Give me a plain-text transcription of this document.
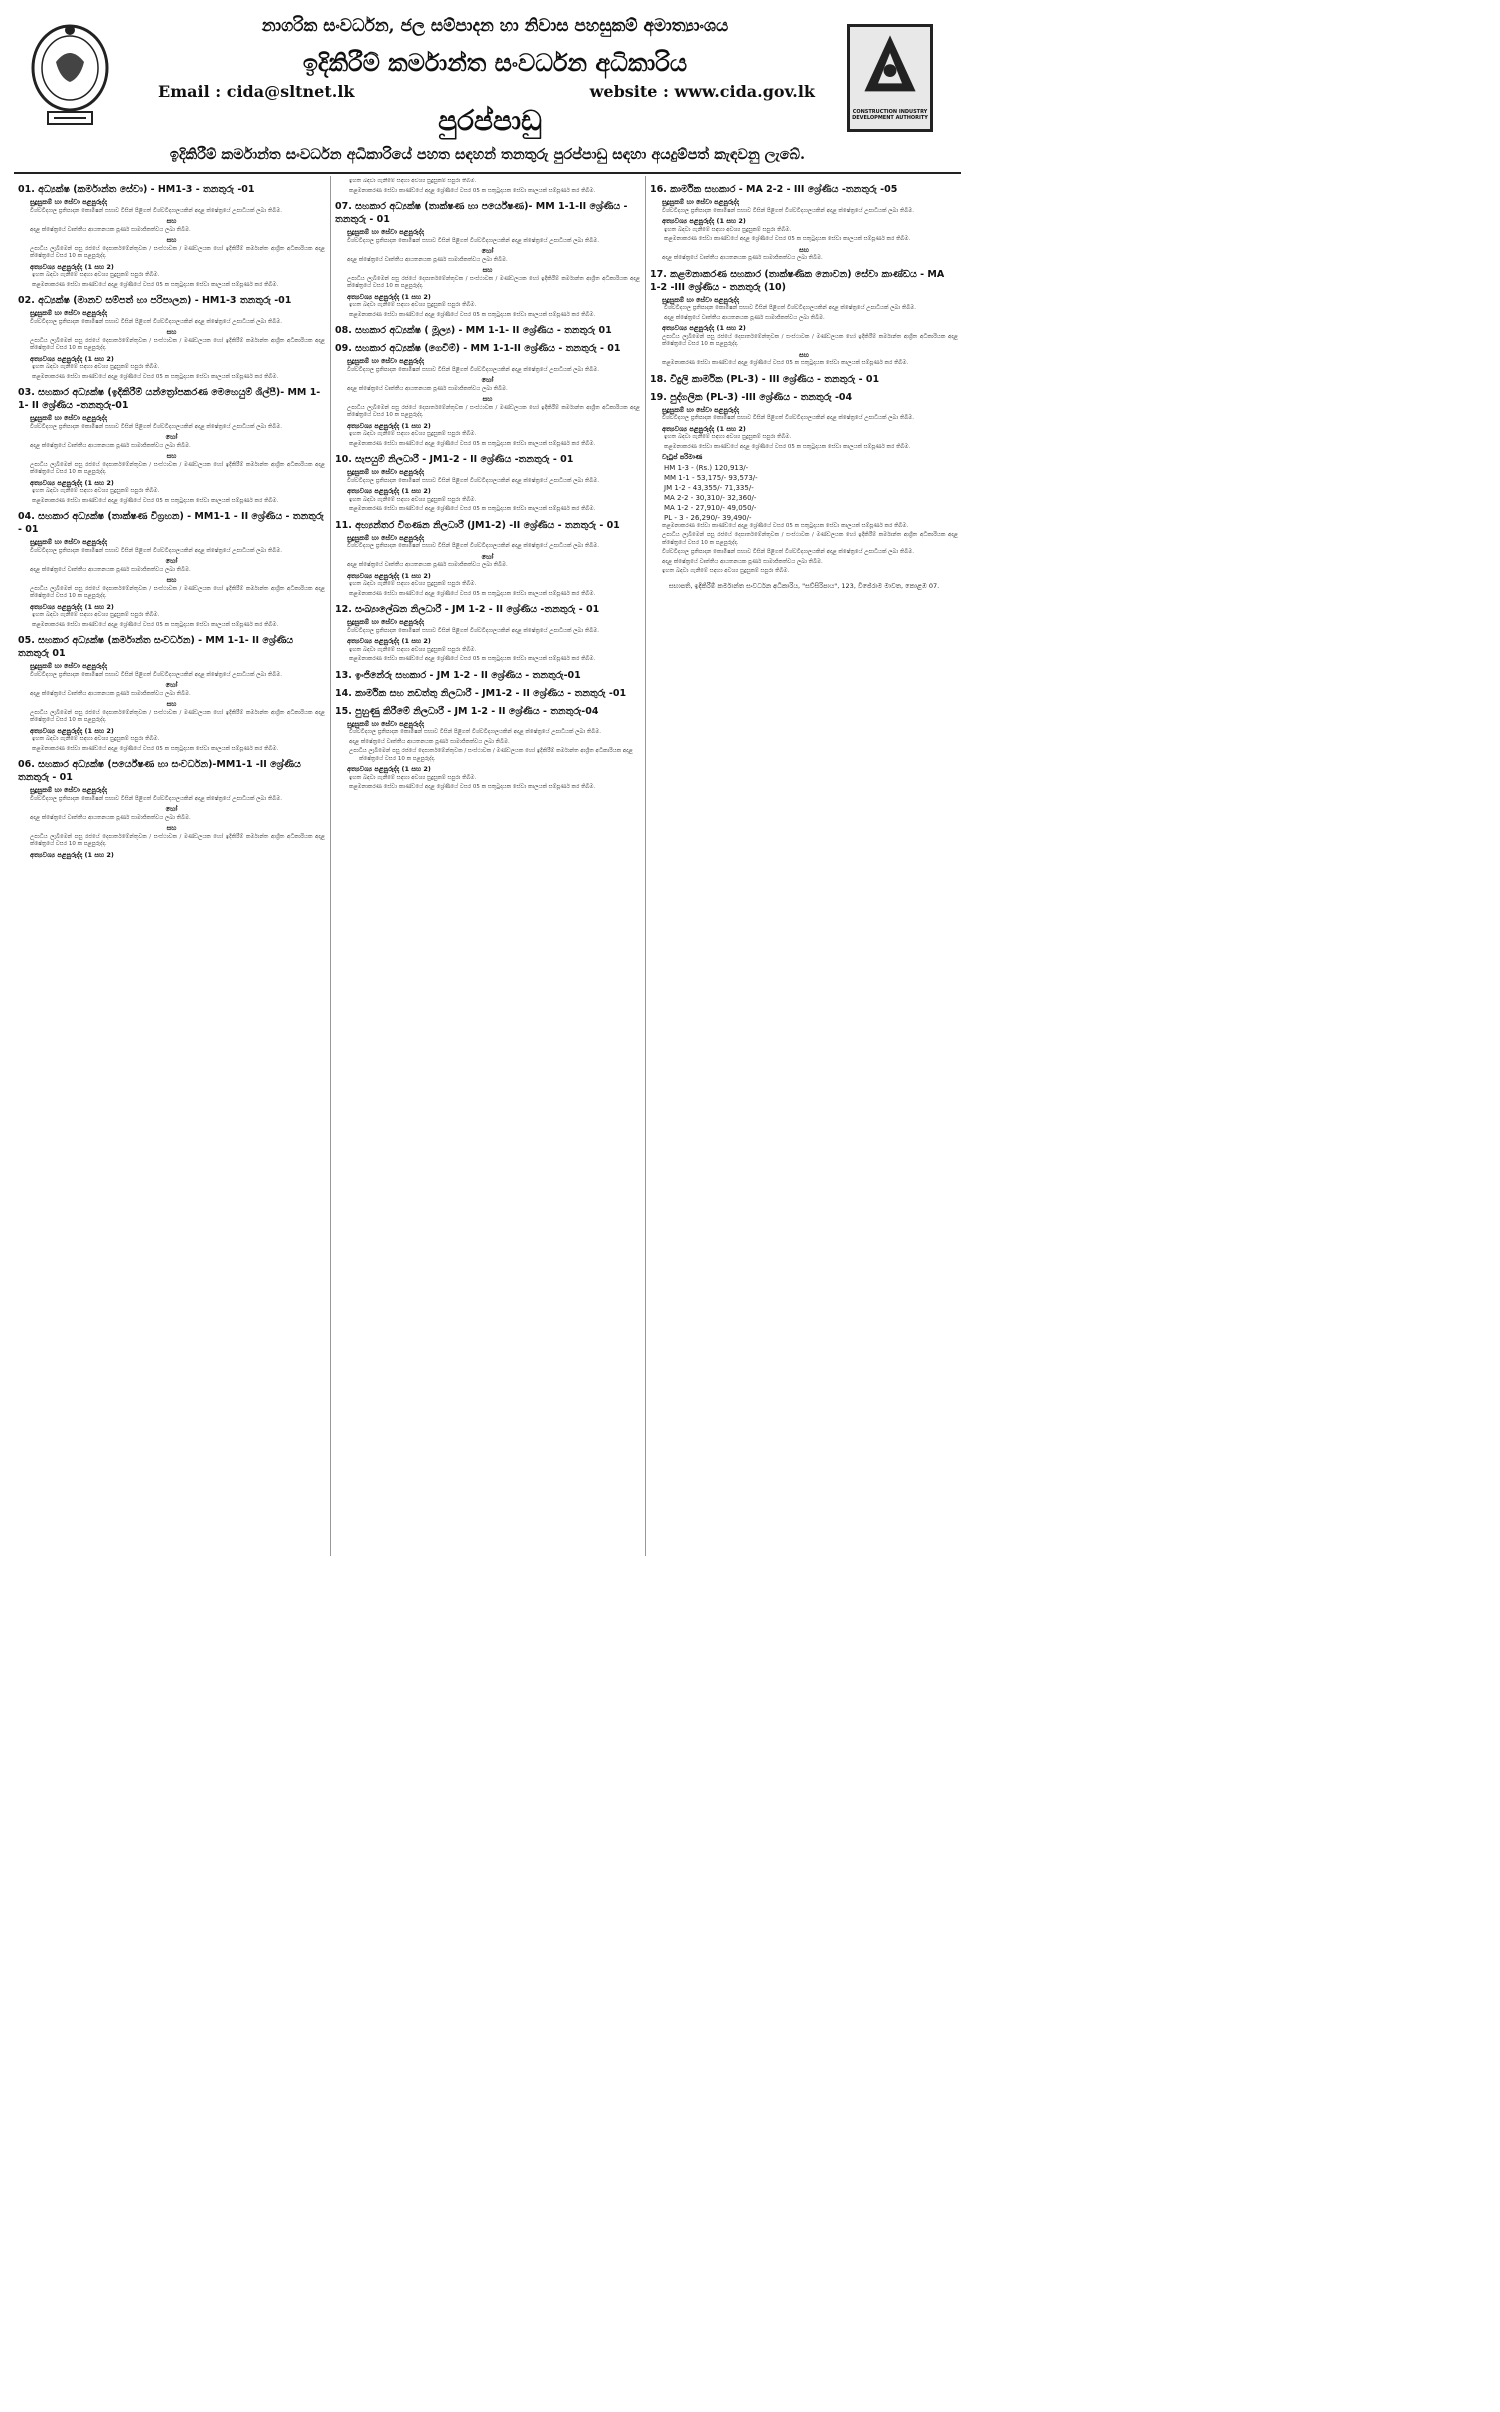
නාගරික සංවර්ධන, ජල සම්පාදන හා නිවාස පහසුකම් අමාත්‍යාංශය
ඉදිකිරීම් කර්මාන්ත සංවර්ධන අධිකාරිය
Email : cida@sltnet.lk	website : www.cida.gov.lk
පුරප්පාඩු
ඉදිකිරීම් කර්මාන්ත සංවර්ධන අධිකාරියේ පහත සඳහන් තනතුරු පුරප්පාඩු සඳහා අයදුම්පත් කැඳවනු ලැබේ.
CONSTRUCTION INDUSTRY DEVELOPMENT AUTHORITY
01. අධ්‍යක්ෂ (කර්මාන්ත සේවා) - HM1-3 - තනතුරු -01
සුදුසුකම් හා සේවා පළපුරුද්ද
විශ්වවිද්‍යාල ප්‍රතිපාදන කොමිෂන් සභාව විසින් පිළිගත් විශ්වවිද්‍යාලයකින් අදාළ ක්ෂේත්‍රයේ උපාධියක් ලබා තිබීම.
සහ
අදාළ ක්ෂේත්‍රයේ වෘත්තීය ආයතනයක පූර්ණ සාමාජිකත්වය ලබා තිබීම.
සහ
උපාධිය ලැබීමෙන් පසු රජයේ දෙපාර්තමේන්තුවක / සංස්ථාවක / මණ්ඩලයක හෝ ඉදිකිරීම් කර්මාන්ත ආශ්‍රිත අධිකාරියක අදාළ ක්ෂේත්‍රයේ වසර 10 ක පළපුරුද්ද.
අත්‍යවශ්‍ය පළපුරුද්ද (1 සහ 2)
ඉහත බඳවා ගැනීමේ සඳහා අවශ්‍ය සුදුසුකම් සපුරා තිබීම.
කළමනාකරණ සේවා කාණ්ඩයේ අදාළ ශ්‍රේණියේ වසර 05 ක සතුටුදායක සේවා කාලයක් සම්පූර්ණ කර තිබීම.
02. අධ්‍යක්ෂ (මානව සම්පත් හා පරිපාලන) - HM1-3 තනතුරු -01
සුදුසුකම් හා සේවා පළපුරුද්ද
විශ්වවිද්‍යාල ප්‍රතිපාදන කොමිෂන් සභාව විසින් පිළිගත් විශ්වවිද්‍යාලයකින් අදාළ ක්ෂේත්‍රයේ උපාධියක් ලබා තිබීම.
සහ
උපාධිය ලැබීමෙන් පසු රජයේ දෙපාර්තමේන්තුවක / සංස්ථාවක / මණ්ඩලයක හෝ ඉදිකිරීම් කර්මාන්ත ආශ්‍රිත අධිකාරියක අදාළ ක්ෂේත්‍රයේ වසර 10 ක පළපුරුද්ද.
අත්‍යවශ්‍ය පළපුරුද්ද (1 සහ 2)
ඉහත බඳවා ගැනීමේ සඳහා අවශ්‍ය සුදුසුකම් සපුරා තිබීම.
කළමනාකරණ සේවා කාණ්ඩයේ අදාළ ශ්‍රේණියේ වසර 05 ක සතුටුදායක සේවා කාලයක් සම්පූර්ණ කර තිබීම.
03. සහකාර අධ්‍යක්ෂ (ඉදිකිරීම් යන්ත්‍රෝපකරණ මෙහෙයුම් ශිල්පී)- MM 1-1- II ශ්‍රේණිය -තනතුරු-01
සුදුසුකම් හා සේවා පළපුරුද්ද
විශ්වවිද්‍යාල ප්‍රතිපාදන කොමිෂන් සභාව විසින් පිළිගත් විශ්වවිද්‍යාලයකින් අදාළ ක්ෂේත්‍රයේ උපාධියක් ලබා තිබීම.
හෝ
අදාළ ක්ෂේත්‍රයේ වෘත්තීය ආයතනයක පූර්ණ සාමාජිකත්වය ලබා තිබීම.
සහ
උපාධිය ලැබීමෙන් පසු රජයේ දෙපාර්තමේන්තුවක / සංස්ථාවක / මණ්ඩලයක හෝ ඉදිකිරීම් කර්මාන්ත ආශ්‍රිත අධිකාරියක අදාළ ක්ෂේත්‍රයේ වසර 10 ක පළපුරුද්ද.
අත්‍යවශ්‍ය පළපුරුද්ද (1 සහ 2)
ඉහත බඳවා ගැනීමේ සඳහා අවශ්‍ය සුදුසුකම් සපුරා තිබීම.
කළමනාකරණ සේවා කාණ්ඩයේ අදාළ ශ්‍රේණියේ වසර 05 ක සතුටුදායක සේවා කාලයක් සම්පූර්ණ කර තිබීම.
04. සහකාර අධ්‍යක්ෂ (තාක්ෂණ විග්‍රහන) - MM1-1 - II ශ්‍රේණිය - තනතුරු - 01
සුදුසුකම් හා සේවා පළපුරුද්ද
විශ්වවිද්‍යාල ප්‍රතිපාදන කොමිෂන් සභාව විසින් පිළිගත් විශ්වවිද්‍යාලයකින් අදාළ ක්ෂේත්‍රයේ උපාධියක් ලබා තිබීම.
හෝ
අදාළ ක්ෂේත්‍රයේ වෘත්තීය ආයතනයක පූර්ණ සාමාජිකත්වය ලබා තිබීම.
සහ
උපාධිය ලැබීමෙන් පසු රජයේ දෙපාර්තමේන්තුවක / සංස්ථාවක / මණ්ඩලයක හෝ ඉදිකිරීම් කර්මාන්ත ආශ්‍රිත අධිකාරියක අදාළ ක්ෂේත්‍රයේ වසර 10 ක පළපුරුද්ද.
අත්‍යවශ්‍ය පළපුරුද්ද (1 සහ 2)
ඉහත බඳවා ගැනීමේ සඳහා අවශ්‍ය සුදුසුකම් සපුරා තිබීම.
කළමනාකරණ සේවා කාණ්ඩයේ අදාළ ශ්‍රේණියේ වසර 05 ක සතුටුදායක සේවා කාලයක් සම්පූර්ණ කර තිබීම.
05. සහකාර අධ්‍යක්ෂ (කර්මාන්ත සංවර්ධන) - MM 1-1- II ශ්‍රේණිය තනතුරු 01
සුදුසුකම් හා සේවා පළපුරුද්ද
විශ්වවිද්‍යාල ප්‍රතිපාදන කොමිෂන් සභාව විසින් පිළිගත් විශ්වවිද්‍යාලයකින් අදාළ ක්ෂේත්‍රයේ උපාධියක් ලබා තිබීම.
හෝ
අදාළ ක්ෂේත්‍රයේ වෘත්තීය ආයතනයක පූර්ණ සාමාජිකත්වය ලබා තිබීම.
සහ
උපාධිය ලැබීමෙන් පසු රජයේ දෙපාර්තමේන්තුවක / සංස්ථාවක / මණ්ඩලයක හෝ ඉදිකිරීම් කර්මාන්ත ආශ්‍රිත අධිකාරියක අදාළ ක්ෂේත්‍රයේ වසර 10 ක පළපුරුද්ද.
අත්‍යවශ්‍ය පළපුරුද්ද (1 සහ 2)
ඉහත බඳවා ගැනීමේ සඳහා අවශ්‍ය සුදුසුකම් සපුරා තිබීම.
කළමනාකරණ සේවා කාණ්ඩයේ අදාළ ශ්‍රේණියේ වසර 05 ක සතුටුදායක සේවා කාලයක් සම්පූර්ණ කර තිබීම.
06. සහකාර අධ්‍යක්ෂ (පර්යේෂණ හා සංවර්ධන)-MM1-1 -II ශ්‍රේණිය තනතුරු - 01
සුදුසුකම් හා සේවා පළපුරුද්ද
විශ්වවිද්‍යාල ප්‍රතිපාදන කොමිෂන් සභාව විසින් පිළිගත් විශ්වවිද්‍යාලයකින් අදාළ ක්ෂේත්‍රයේ උපාධියක් ලබා තිබීම.
හෝ
අදාළ ක්ෂේත්‍රයේ වෘත්තීය ආයතනයක පූර්ණ සාමාජිකත්වය ලබා තිබීම.
සහ
උපාධිය ලැබීමෙන් පසු රජයේ දෙපාර්තමේන්තුවක / සංස්ථාවක / මණ්ඩලයක හෝ ඉදිකිරීම් කර්මාන්ත ආශ්‍රිත අධිකාරියක අදාළ ක්ෂේත්‍රයේ වසර 10 ක පළපුරුද්ද.
අත්‍යවශ්‍ය පළපුරුද්ද (1 සහ 2)
ඉහත බඳවා ගැනීමේ සඳහා අවශ්‍ය සුදුසුකම් සපුරා තිබීම.
කළමනාකරණ සේවා කාණ්ඩයේ අදාළ ශ්‍රේණියේ වසර 05 ක සතුටුදායක සේවා කාලයක් සම්පූර්ණ කර තිබීම.
07. සහකාර අධ්‍යක්ෂ (තාක්ෂණ හා පර්යේෂණ)- MM 1-1-II ශ්‍රේණිය - තනතුරු - 01
සුදුසුකම් හා සේවා පළපුරුද්ද
විශ්වවිද්‍යාල ප්‍රතිපාදන කොමිෂන් සභාව විසින් පිළිගත් විශ්වවිද්‍යාලයකින් අදාළ ක්ෂේත්‍රයේ උපාධියක් ලබා තිබීම.
හෝ
අදාළ ක්ෂේත්‍රයේ වෘත්තීය ආයතනයක පූර්ණ සාමාජිකත්වය ලබා තිබීම.
සහ
උපාධිය ලැබීමෙන් පසු රජයේ දෙපාර්තමේන්තුවක / සංස්ථාවක / මණ්ඩලයක හෝ ඉදිකිරීම් කර්මාන්ත ආශ්‍රිත අධිකාරියක අදාළ ක්ෂේත්‍රයේ වසර 10 ක පළපුරුද්ද.
අත්‍යවශ්‍ය පළපුරුද්ද (1 සහ 2)
ඉහත බඳවා ගැනීමේ සඳහා අවශ්‍ය සුදුසුකම් සපුරා තිබීම.
කළමනාකරණ සේවා කාණ්ඩයේ අදාළ ශ්‍රේණියේ වසර 05 ක සතුටුදායක සේවා කාලයක් සම්පූර්ණ කර තිබීම.
08. සහකාර අධ්‍යක්ෂ ( මූල්‍ය) - MM 1-1- II ශ්‍රේණිය - තනතුරු 01
09. සහකාර අධ්‍යක්ෂ (ගෙවීම්) - MM 1-1-II ශ්‍රේණිය - තනතුරු - 01
සුදුසුකම් හා සේවා පළපුරුද්ද
විශ්වවිද්‍යාල ප්‍රතිපාදන කොමිෂන් සභාව විසින් පිළිගත් විශ්වවිද්‍යාලයකින් අදාළ ක්ෂේත්‍රයේ උපාධියක් ලබා තිබීම.
හෝ
අදාළ ක්ෂේත්‍රයේ වෘත්තීය ආයතනයක පූර්ණ සාමාජිකත්වය ලබා තිබීම.
සහ
උපාධිය ලැබීමෙන් පසු රජයේ දෙපාර්තමේන්තුවක / සංස්ථාවක / මණ්ඩලයක හෝ ඉදිකිරීම් කර්මාන්ත ආශ්‍රිත අධිකාරියක අදාළ ක්ෂේත්‍රයේ වසර 10 ක පළපුරුද්ද.
අත්‍යවශ්‍ය පළපුරුද්ද (1 සහ 2)
ඉහත බඳවා ගැනීමේ සඳහා අවශ්‍ය සුදුසුකම් සපුරා තිබීම.
කළමනාකරණ සේවා කාණ්ඩයේ අදාළ ශ්‍රේණියේ වසර 05 ක සතුටුදායක සේවා කාලයක් සම්පූර්ණ කර තිබීම.
10. සැපයුම් නිලධාරී - JM1-2 - II ශ්‍රේණිය -තනතුරු - 01
සුදුසුකම් හා සේවා පළපුරුද්ද
විශ්වවිද්‍යාල ප්‍රතිපාදන කොමිෂන් සභාව විසින් පිළිගත් විශ්වවිද්‍යාලයකින් අදාළ ක්ෂේත්‍රයේ උපාධියක් ලබා තිබීම.
අත්‍යවශ්‍ය පළපුරුද්ද (1 සහ 2)
ඉහත බඳවා ගැනීමේ සඳහා අවශ්‍ය සුදුසුකම් සපුරා තිබීම.
කළමනාකරණ සේවා කාණ්ඩයේ අදාළ ශ්‍රේණියේ වසර 05 ක සතුටුදායක සේවා කාලයක් සම්පූර්ණ කර තිබීම.
11. අභ්‍යන්තර විගණන නිලධාරී (JM1-2) -II ශ්‍රේණිය - තනතුරු - 01
සුදුසුකම් හා සේවා පළපුරුද්ද
විශ්වවිද්‍යාල ප්‍රතිපාදන කොමිෂන් සභාව විසින් පිළිගත් විශ්වවිද්‍යාලයකින් අදාළ ක්ෂේත්‍රයේ උපාධියක් ලබා තිබීම.
හෝ
අදාළ ක්ෂේත්‍රයේ වෘත්තීය ආයතනයක පූර්ණ සාමාජිකත්වය ලබා තිබීම.
අත්‍යවශ්‍ය පළපුරුද්ද (1 සහ 2)
ඉහත බඳවා ගැනීමේ සඳහා අවශ්‍ය සුදුසුකම් සපුරා තිබීම.
කළමනාකරණ සේවා කාණ්ඩයේ අදාළ ශ්‍රේණියේ වසර 05 ක සතුටුදායක සේවා කාලයක් සම්පූර්ණ කර තිබීම.
12. සංඛ්‍යාලේඛන නිලධාරී - JM 1-2 - II ශ්‍රේණිය -තනතුරු - 01
සුදුසුකම් හා සේවා පළපුරුද්ද
විශ්වවිද්‍යාල ප්‍රතිපාදන කොමිෂන් සභාව විසින් පිළිගත් විශ්වවිද්‍යාලයකින් අදාළ ක්ෂේත්‍රයේ උපාධියක් ලබා තිබීම.
අත්‍යවශ්‍ය පළපුරුද්ද (1 සහ 2)
ඉහත බඳවා ගැනීමේ සඳහා අවශ්‍ය සුදුසුකම් සපුරා තිබීම.
කළමනාකරණ සේවා කාණ්ඩයේ අදාළ ශ්‍රේණියේ වසර 05 ක සතුටුදායක සේවා කාලයක් සම්පූර්ණ කර තිබීම.
13. ඉංජිනේරු සහකාර - JM 1-2 - II ශ්‍රේණිය - තනතුරු-01
14. කාර්මික සහ නඩත්තු නිලධාරී - JM1-2 - II ශ්‍රේණිය - තනතුරු -01
15. පුහුණු කිරීමේ නිලධාරී - JM 1-2 - II ශ්‍රේණිය - තනතුරු-04
සුදුසුකම් හා සේවා පළපුරුද්ද
විශ්වවිද්‍යාල ප්‍රතිපාදන කොමිෂන් සභාව විසින් පිළිගත් විශ්වවිද්‍යාලයකින් අදාළ ක්ෂේත්‍රයේ උපාධියක් ලබා තිබීම.
අදාළ ක්ෂේත්‍රයේ වෘත්තීය ආයතනයක පූර්ණ සාමාජිකත්වය ලබා තිබීම.
උපාධිය ලැබීමෙන් පසු රජයේ දෙපාර්තමේන්තුවක / සංස්ථාවක / මණ්ඩලයක හෝ ඉදිකිරීම් කර්මාන්ත ආශ්‍රිත අධිකාරියක අදාළ ක්ෂේත්‍රයේ වසර 10 ක පළපුරුද්ද.
අත්‍යවශ්‍ය පළපුරුද්ද (1 සහ 2)
ඉහත බඳවා ගැනීමේ සඳහා අවශ්‍ය සුදුසුකම් සපුරා තිබීම.
කළමනාකරණ සේවා කාණ්ඩයේ අදාළ ශ්‍රේණියේ වසර 05 ක සතුටුදායක සේවා කාලයක් සම්පූර්ණ කර තිබීම.
16. කාර්මික සහකාර - MA 2-2 - III ශ්‍රේණිය -තනතුරු -05
සුදුසුකම් හා සේවා පළපුරුද්ද
විශ්වවිද්‍යාල ප්‍රතිපාදන කොමිෂන් සභාව විසින් පිළිගත් විශ්වවිද්‍යාලයකින් අදාළ ක්ෂේත්‍රයේ උපාධියක් ලබා තිබීම.
අත්‍යවශ්‍ය පළපුරුද්ද (1 සහ 2)
ඉහත බඳවා ගැනීමේ සඳහා අවශ්‍ය සුදුසුකම් සපුරා තිබීම.
කළමනාකරණ සේවා කාණ්ඩයේ අදාළ ශ්‍රේණියේ වසර 05 ක සතුටුදායක සේවා කාලයක් සම්පූර්ණ කර තිබීම.
සහ
අදාළ ක්ෂේත්‍රයේ වෘත්තීය ආයතනයක පූර්ණ සාමාජිකත්වය ලබා තිබීම.
17. කළමනාකරණ සහකාර (තාක්ෂණික නොවන) සේවා කාණ්ඩය - MA 1-2 -III ශ්‍රේණිය - තනතුරු (10)
සුදුසුකම් හා සේවා පළපුරුද්ද
විශ්වවිද්‍යාල ප්‍රතිපාදන කොමිෂන් සභාව විසින් පිළිගත් විශ්වවිද්‍යාලයකින් අදාළ ක්ෂේත්‍රයේ උපාධියක් ලබා තිබීම.
අදාළ ක්ෂේත්‍රයේ වෘත්තීය ආයතනයක පූර්ණ සාමාජිකත්වය ලබා තිබීම.
අත්‍යවශ්‍ය පළපුරුද්ද (1 සහ 2)
උපාධිය ලැබීමෙන් පසු රජයේ දෙපාර්තමේන්තුවක / සංස්ථාවක / මණ්ඩලයක හෝ ඉදිකිරීම් කර්මාන්ත ආශ්‍රිත අධිකාරියක අදාළ ක්ෂේත්‍රයේ වසර 10 ක පළපුරුද්ද.
සහ
කළමනාකරණ සේවා කාණ්ඩයේ අදාළ ශ්‍රේණියේ වසර 05 ක සතුටුදායක සේවා කාලයක් සම්පූර්ණ කර තිබීම.
18. විදුලි කාර්මික (PL-3) - III ශ්‍රේණිය - තනතුරු - 01
19. පුද්ගලික (PL-3) -III ශ්‍රේණිය - තනතුරු -04
සුදුසුකම් හා සේවා පළපුරුද්ද
විශ්වවිද්‍යාල ප්‍රතිපාදන කොමිෂන් සභාව විසින් පිළිගත් විශ්වවිද්‍යාලයකින් අදාළ ක්ෂේත්‍රයේ උපාධියක් ලබා තිබීම.
අත්‍යවශ්‍ය පළපුරුද්ද (1 සහ 2)
ඉහත බඳවා ගැනීමේ සඳහා අවශ්‍ය සුදුසුකම් සපුරා තිබීම.
කළමනාකරණ සේවා කාණ්ඩයේ අදාළ ශ්‍රේණියේ වසර 05 ක සතුටුදායක සේවා කාලයක් සම්පූර්ණ කර තිබීම.
වැටුප් පරිමාණ
HM 1-3 - (Rs.) 120,913/-
MM 1-1 - 53,175/- 93,573/-
JM 1-2 - 43,355/- 71,335/-
MA 2-2 - 30,310/- 32,360/-
MA 1-2 - 27,910/- 49,050/-
PL - 3 - 26,290/- 39,490/-
කළමනාකරණ සේවා කාණ්ඩයේ අදාළ ශ්‍රේණියේ වසර 05 ක සතුටුදායක සේවා කාලයක් සම්පූර්ණ කර තිබීම.
උපාධිය ලැබීමෙන් පසු රජයේ දෙපාර්තමේන්තුවක / සංස්ථාවක / මණ්ඩලයක හෝ ඉදිකිරීම් කර්මාන්ත ආශ්‍රිත අධිකාරියක අදාළ ක්ෂේත්‍රයේ වසර 10 ක පළපුරුද්ද.
විශ්වවිද්‍යාල ප්‍රතිපාදන කොමිෂන් සභාව විසින් පිළිගත් විශ්වවිද්‍යාලයකින් අදාළ ක්ෂේත්‍රයේ උපාධියක් ලබා තිබීම.
අදාළ ක්ෂේත්‍රයේ වෘත්තීය ආයතනයක පූර්ණ සාමාජිකත්වය ලබා තිබීම.
ඉහත බඳවා ගැනීමේ සඳහා අවශ්‍ය සුදුසුකම් සපුරා තිබීම.
සභාපති, ඉදිකිරීම් කර්මාන්ත සංවර්ධන අධිකාරිය, "සව්සිරිපාය", 123, විජේරාම මාවත, කොළඹ 07.
